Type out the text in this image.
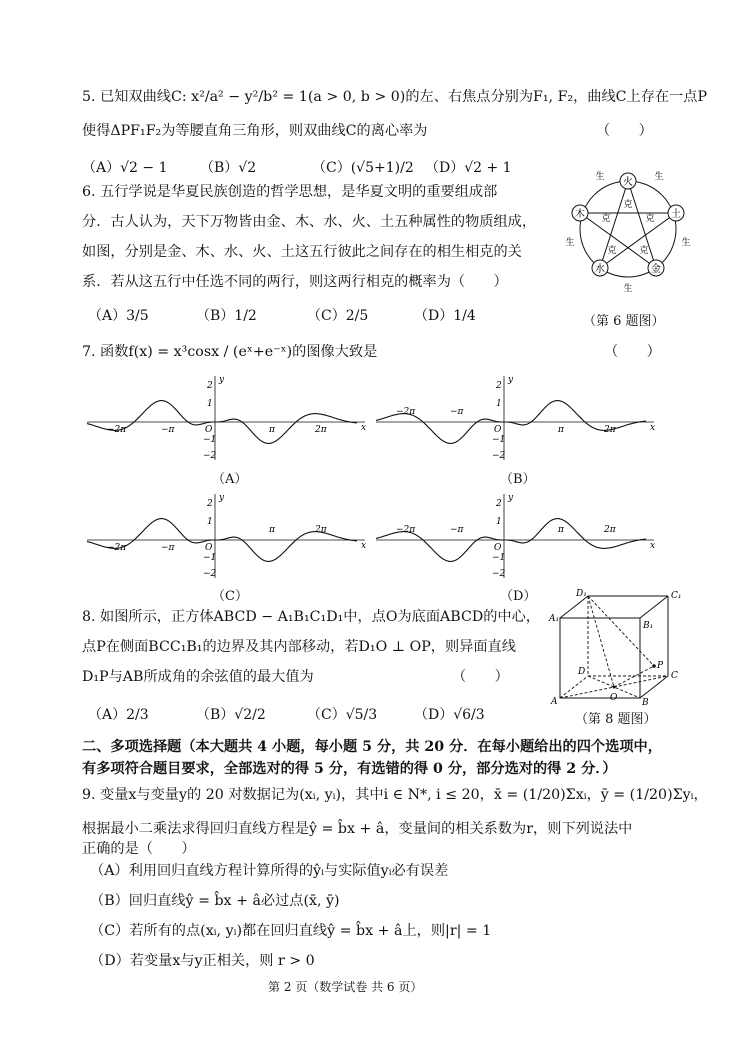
5. 已知双曲线C: x²/a² − y²/b² = 1(a > 0, b > 0)的左、右焦点分别为F₁, F₂，曲线C上存在一点P
使得ΔPF₁F₂为等腰直角三角形，则双曲线C的离心率为	（　　）
（A）√2 − 1 （B）√2	（C）(√5+1)/2 （D）√2 + 1
6. 五行学说是华夏民族创造的哲学思想，是华夏文明的重要组成部
分．古人认为，天下万物皆由金、木、水、火、土五种属性的物质组成，
如图，分别是金、木、水、火、土这五行彼此之间存在的相生相克的关
系．若从这五行中任选不同的两行，则这两行相克的概率为（　　）
（A）3/5	（B）1/2	（C）2/5	（D）1/4	（第 6 题图）
火
土
金
水
木 克	克
克
克	克
生	生
生
生
生
7. 函数f(x) = x³cosx / (eˣ+e⁻ˣ)的图像大致是	（　　）
x
y
O
2
1
−1
−2
−2π	−π	π	2π
（A）
x
y
O
2
1
−1
−2
−2π	−π
π	2π
（B）
x
y
O
2
1
−1
−2
−2π	−π
π	2π
（C）
x
y
O
2
1
−1
−2
−2π	−π	π	2π
（D）
8. 如图所示，正方体ABCD − A₁B₁C₁D₁中，点O为底面ABCD的中心，
点P在侧面BCC₁B₁的边界及其内部移动，若D₁O ⊥ OP，则异面直线
D₁P与AB所成角的余弦值的最大值为	（　　）
（A）2/3	（B）√2/2	（C）√5/3	（D）√6/3	（第 8 题图）
D₁	C₁
A₁
B₁
D	C
A	B
O
P
二、多项选择题（本大题共 4 小题，每小题 5 分，共 20 分．在每小题给出的四个选项中，
有多项符合题目要求，全部选对的得 5 分，有选错的得 0 分，部分选对的得 2 分．）
9. 变量x与变量y的 20 对数据记为(xᵢ, yᵢ)，其中i ∈ N*, i ≤ 20，x̄ = (1/20)Σxᵢ，ȳ = (1/20)Σyᵢ，
根据最小二乘法求得回归直线方程是ŷ = b̂x + â，变量间的相关系数为r，则下列说法中
正确的是（　　）
（A）利用回归直线方程计算所得的ŷᵢ与实际值yᵢ必有误差
（B）回归直线ŷ = b̂x + â必过点(x̄, ȳ)
（C）若所有的点(xᵢ, yᵢ)都在回归直线ŷ = b̂x + â上，则|r| = 1
（D）若变量x与y正相关，则 r > 0
第 2 页（数学试卷 共 6 页）
